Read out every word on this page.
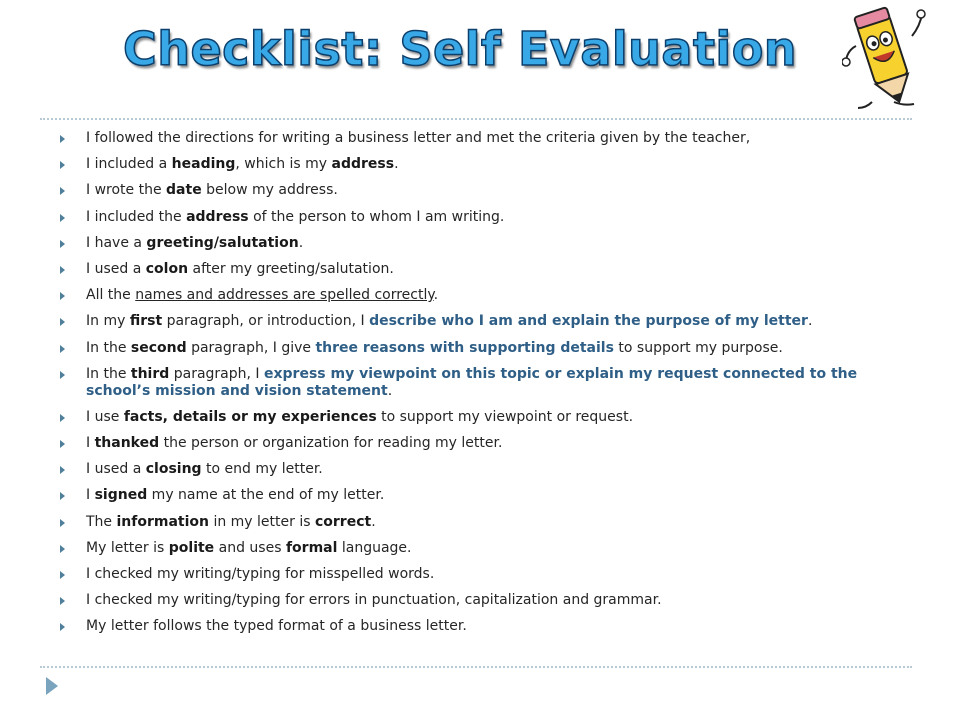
Checklist: Self Evaluation
I followed the directions for writing a business letter and met the criteria given by the teacher,
I included a heading, which is my address.
I wrote the date below my address.
I included the address of the person to whom I am writing.
I have a greeting/salutation.
I used a colon after my greeting/salutation.
All the names and addresses are spelled correctly.
In my first paragraph, or introduction, I describe who I am and explain the purpose of my letter.
In the second paragraph, I give three reasons with supporting details to support my purpose.
In the third paragraph, I express my viewpoint on this topic or explain my request connected to the school’s mission and vision statement.
I use facts, details or my experiences to support my viewpoint or request.
I thanked the person or organization for reading my letter.
I used a closing to end my letter.
I signed my name at the end of my letter.
The information in my letter is correct.
My letter is polite and uses formal language.
I checked my writing/typing for misspelled words.
I checked my writing/typing for errors in punctuation, capitalization and grammar.
My letter follows the typed format of a business letter.
